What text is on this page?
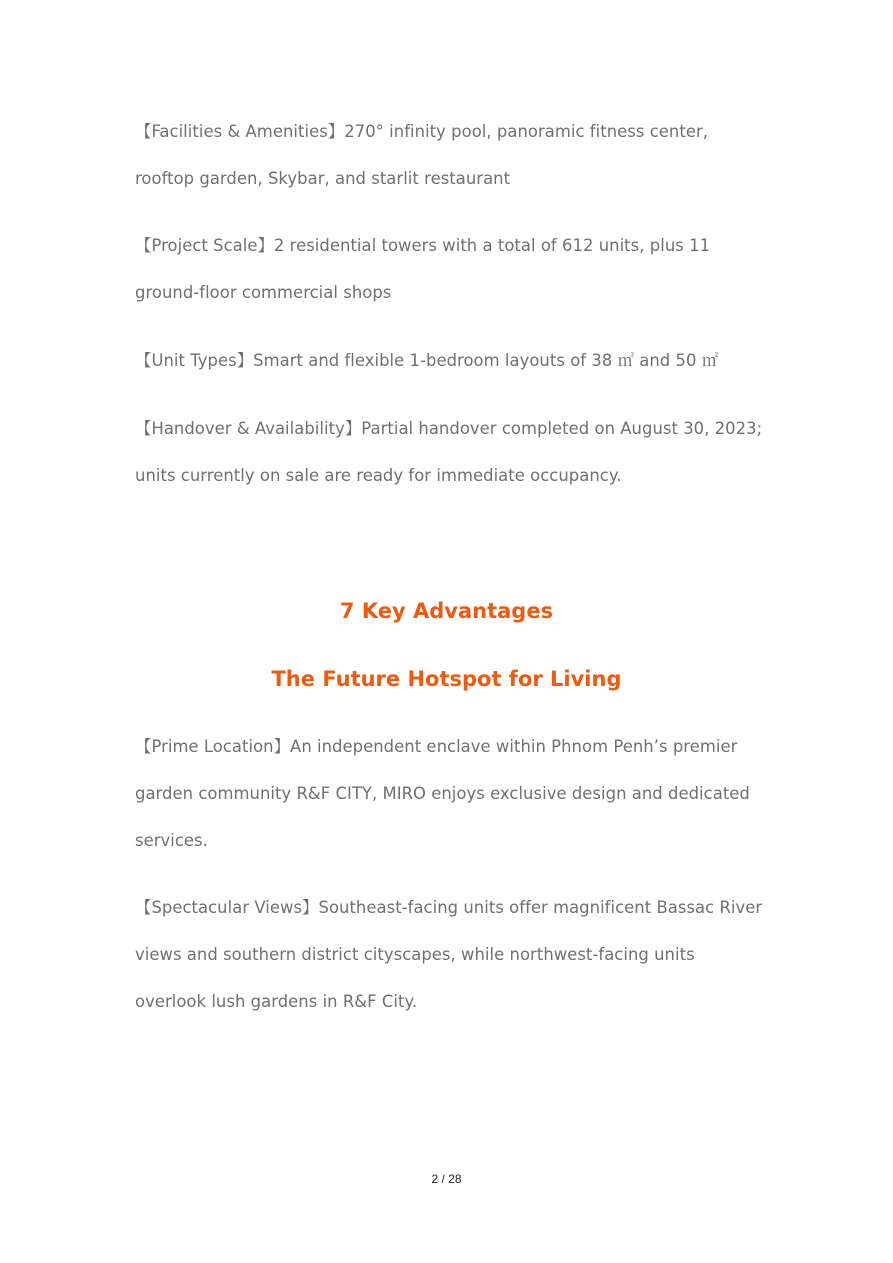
【Facilities & Amenities】270° infinity pool, panoramic fitness center, rooftop garden, Skybar, and starlit restaurant

【Project Scale】2 residential towers with a total of 612 units, plus 11 ground-floor commercial shops

【Unit Types】Smart and flexible 1-bedroom layouts of 38 ㎡ and 50 ㎡

【Handover & Availability】Partial handover completed on August 30, 2023; units currently on sale are ready for immediate occupancy.

7 Key Advantages
The Future Hotspot for Living

【Prime Location】An independent enclave within Phnom Penh’s premier garden community R&F CITY, MIRO enjoys exclusive design and dedicated services.

【Spectacular Views】Southeast-facing units offer magnificent Bassac River views and southern district cityscapes, while northwest-facing units overlook lush gardens in R&F City.

2 / 28
